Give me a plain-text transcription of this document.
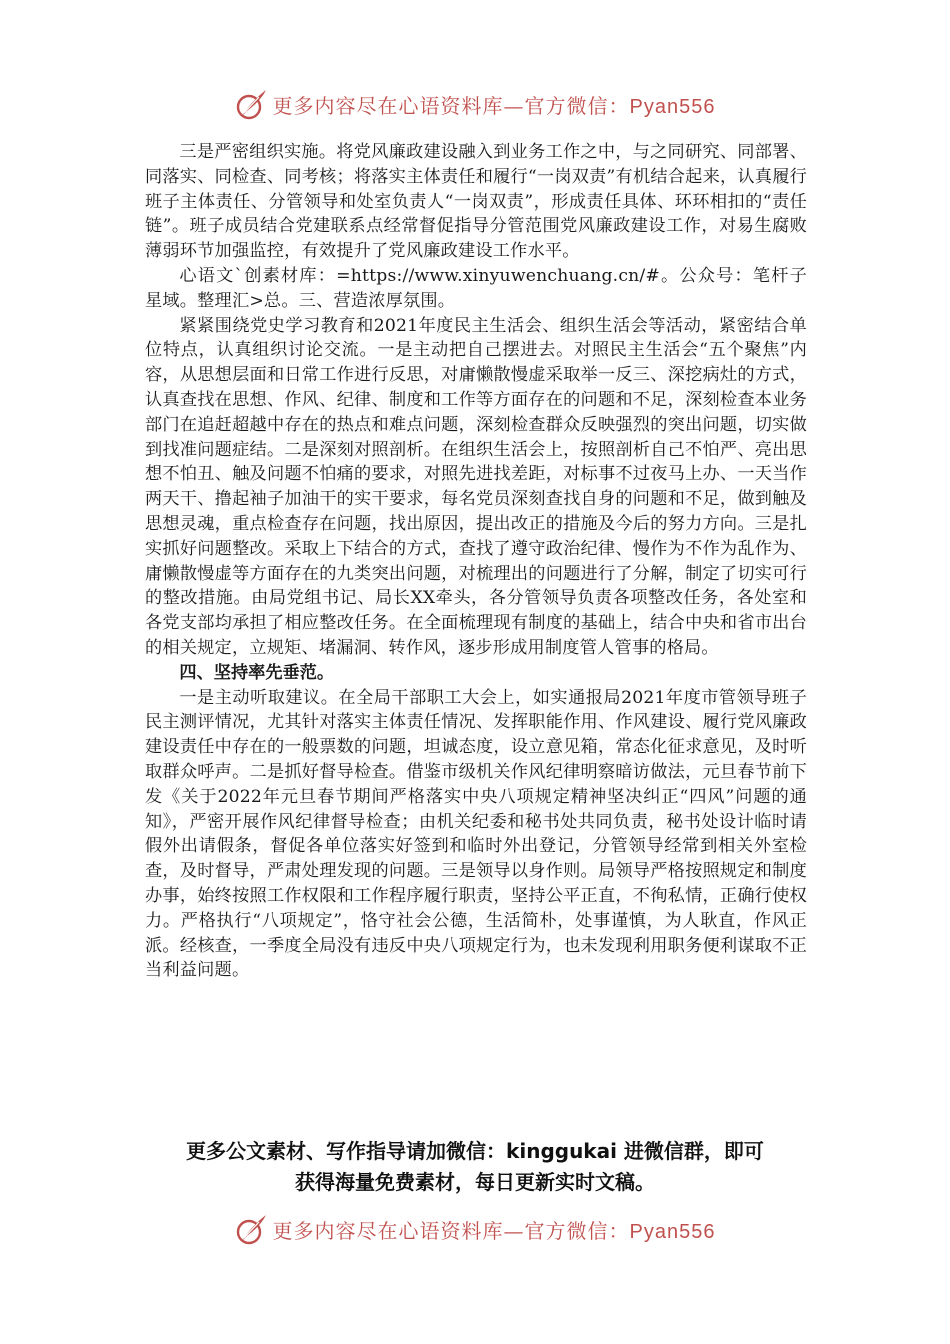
更多内容尽在心语资料库—官方微信：Pyan556

三是严密组织实施。将党风廉政建设融入到业务工作之中，与之同研究、同部署、同落实、同检查、同考核；将落实主体责任和履行“一岗双责”有机结合起来，认真履行班子主体责任、分管领导和处室负责人“一岗双责”，形成责任具体、环环相扣的“责任链”。班子成员结合党建联系点经常督促指导分管范围党风廉政建设工作，对易生腐败薄弱环节加强监控，有效提升了党风廉政建设工作水平。

心语文`创素材库：=https://www.xinyuwenchuang.cn/#。公众号：笔杆子星域。整理汇>总。三、营造浓厚氛围。

紧紧围绕党史学习教育和2021年度民主生活会、组织生活会等活动，紧密结合单位特点，认真组织讨论交流。一是主动把自己摆进去。对照民主生活会“五个聚焦”内容，从思想层面和日常工作进行反思，对庸懒散慢虚采取举一反三、深挖病灶的方式，认真查找在思想、作风、纪律、制度和工作等方面存在的问题和不足，深刻检查本业务部门在追赶超越中存在的热点和难点问题，深刻检查群众反映强烈的突出问题，切实做到找准问题症结。二是深刻对照剖析。在组织生活会上，按照剖析自己不怕严、亮出思想不怕丑、触及问题不怕痛的要求，对照先进找差距，对标事不过夜马上办、一天当作两天干、撸起袖子加油干的实干要求，每名党员深刻查找自身的问题和不足，做到触及思想灵魂，重点检查存在问题，找出原因，提出改正的措施及今后的努力方向。三是扎实抓好问题整改。采取上下结合的方式，查找了遵守政治纪律、慢作为不作为乱作为、庸懒散慢虚等方面存在的九类突出问题，对梳理出的问题进行了分解，制定了切实可行的整改措施。由局党组书记、局长XX牵头，各分管领导负责各项整改任务，各处室和各党支部均承担了相应整改任务。在全面梳理现有制度的基础上，结合中央和省市出台的相关规定，立规矩、堵漏洞、转作风，逐步形成用制度管人管事的格局。

四、坚持率先垂范。

一是主动听取建议。在全局干部职工大会上，如实通报局2021年度市管领导班子民主测评情况，尤其针对落实主体责任情况、发挥职能作用、作风建设、履行党风廉政建设责任中存在的一般票数的问题，坦诚态度，设立意见箱，常态化征求意见，及时听取群众呼声。二是抓好督导检查。借鉴市级机关作风纪律明察暗访做法，元旦春节前下发《关于2022年元旦春节期间严格落实中央八项规定精神坚决纠正“四风”问题的通知》，严密开展作风纪律督导检查；由机关纪委和秘书处共同负责，秘书处设计临时请假外出请假条，督促各单位落实好签到和临时外出登记，分管领导经常到相关外室检查，及时督导，严肃处理发现的问题。三是领导以身作则。局领导严格按照规定和制度办事，始终按照工作权限和工作程序履行职责，坚持公平正直，不徇私情，正确行使权力。严格执行“八项规定”，恪守社会公德，生活简朴，处事谨慎，为人耿直，作风正派。经核查，一季度全局没有违反中央八项规定行为，也未发现利用职务便利谋取不正当利益问题。

更多公文素材、写作指导请加微信：kinggukai 进微信群，即可
获得海量免费素材，每日更新实时文稿。
更多内容尽在心语资料库—官方微信：Pyan556
